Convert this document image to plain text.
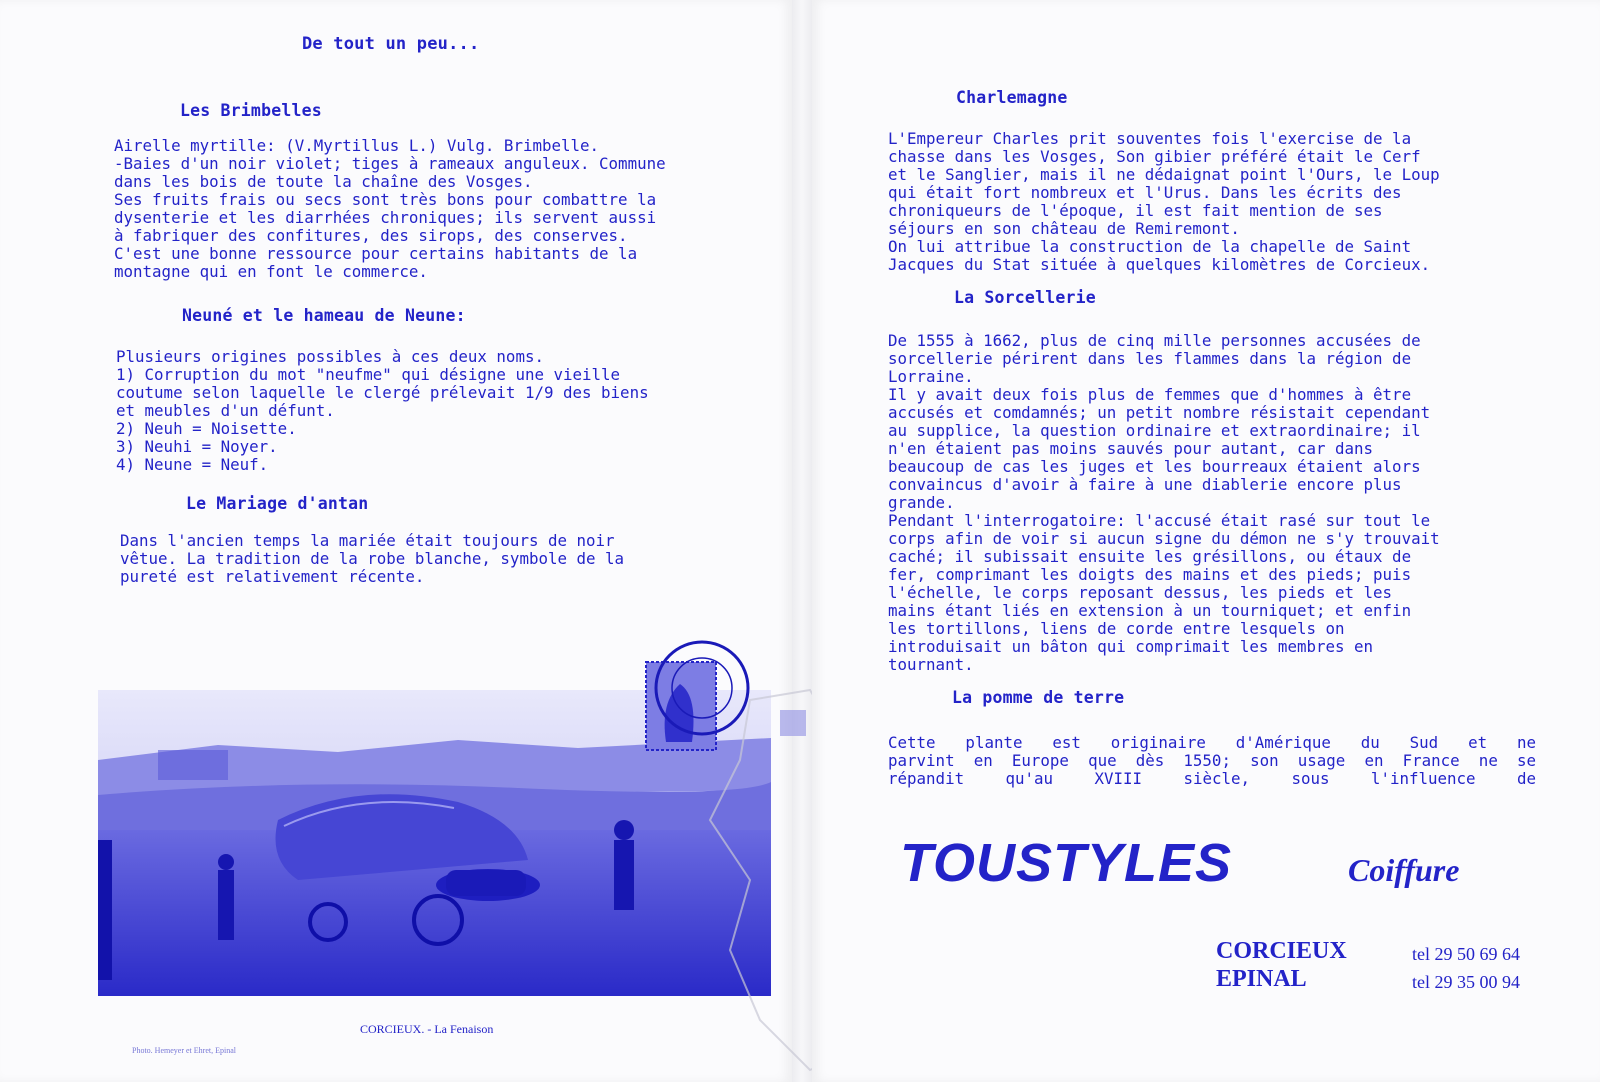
De tout un peu...
Les Brimbelles
Airelle myrtille: (V.Myrtillus L.) Vulg. Brimbelle.
-Baies d'un noir violet; tiges à rameaux anguleux. Commune
dans les bois de toute la chaîne des Vosges.
Ses fruits frais ou secs sont très bons pour combattre la
dysenterie et les diarrhées chroniques; ils servent aussi
à fabriquer des confitures, des sirops, des conserves.
C'est une bonne ressource pour certains habitants de la
montagne qui en font le commerce.
Neuné et le hameau de Neune:
Plusieurs origines possibles à ces deux noms.
1) Corruption du mot "neufme" qui désigne une vieille
coutume selon laquelle le clergé prélevait 1/9 des biens
et meubles d'un défunt.
2) Neuh = Noisette.
3) Neuhi = Noyer.
4) Neune = Neuf.
Le Mariage d'antan
Dans l'ancien temps la mariée était toujours de noir
vêtue. La tradition de la robe blanche, symbole de la
pureté est relativement récente.
CORCIEUX. - La Fenaison
Photo. Hemeyer et Ehret, Epinal
Charlemagne
L'Empereur Charles prit souventes fois l'exercise de la
chasse dans les Vosges, Son gibier préféré était le Cerf
et le Sanglier, mais il ne dédaignat point l'Ours, le Loup
qui était fort nombreux et l'Urus. Dans les écrits des
chroniqueurs de l'époque, il est fait mention de ses
séjours en son château de Remiremont.
On lui attribue la construction de la chapelle de Saint
Jacques du Stat située à quelques kilomètres de Corcieux.
La Sorcellerie
De 1555 à 1662, plus de cinq mille personnes accusées de
sorcellerie périrent dans les flammes dans la région de
Lorraine.
Il y avait deux fois plus de femmes que d'hommes à être
accusés et comdamnés; un petit nombre résistait cependant
au supplice, la question ordinaire et extraordinaire; il
n'en étaient pas moins sauvés pour autant, car dans
beaucoup de cas les juges et les bourreaux étaient alors
convaincus d'avoir à faire à une diablerie encore plus
grande.
Pendant l'interrogatoire: l'accusé était rasé sur tout le
corps afin de voir si aucun signe du démon ne s'y trouvait
caché; il subissait ensuite les grésillons, ou étaux de
fer, comprimant les doigts des mains et des pieds; puis
l'échelle, le corps reposant dessus, les pieds et les
mains étant liés en extension à un tourniquet; et enfin
les tortillons, liens de corde entre lesquels on
introduisait un bâton qui comprimait les membres en
tournant.
La pomme de terre
Cette plante est originaire d'Amérique du Sud et ne
parvint en Europe que dès 1550; son usage en France ne se
répandit qu'au XVIII siècle, sous l'influence de
TOUSTYLES	Coiffure
CORCIEUX
EPINAL
tel 29 50 69 64
tel 29 35 00 94
